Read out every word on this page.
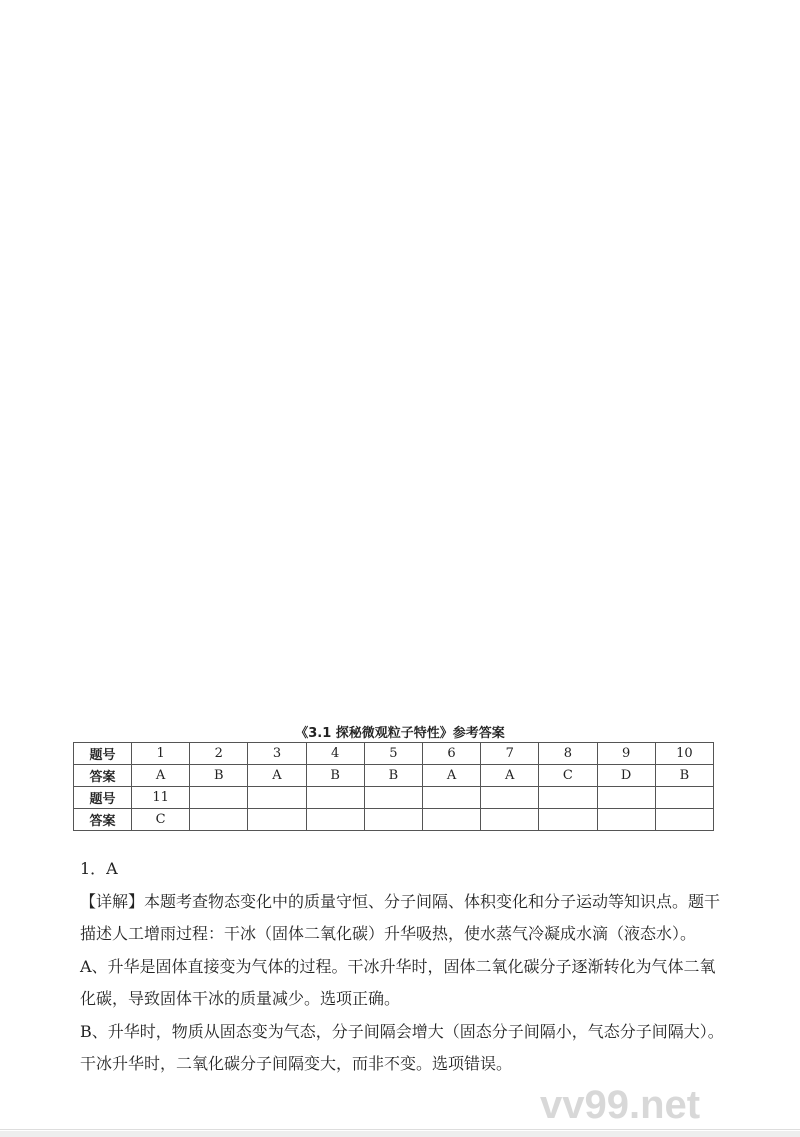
《3.1 探秘微观粒子特性》参考答案
题号	1	2	3	4	5	6	7	8	9	10
答案	A	B	A	B	B	A	A	C	D	B
题号	11									
答案	C									

1．A

【详解】本题考查物态变化中的质量守恒、分子间隔、体积变化和分子运动等知识点。题干描述人工增雨过程：干冰（固体二氧化碳）升华吸热，使水蒸气冷凝成水滴（液态水）。

A、升华是固体直接变为气体的过程。干冰升华时，固体二氧化碳分子逐渐转化为气体二氧化碳，导致固体干冰的质量减少。选项正确。

B、升华时，物质从固态变为气态，分子间隔会增大（固态分子间隔小，气态分子间隔大）。干冰升华时，二氧化碳分子间隔变大，而非不变。选项错误。

vv99.net
